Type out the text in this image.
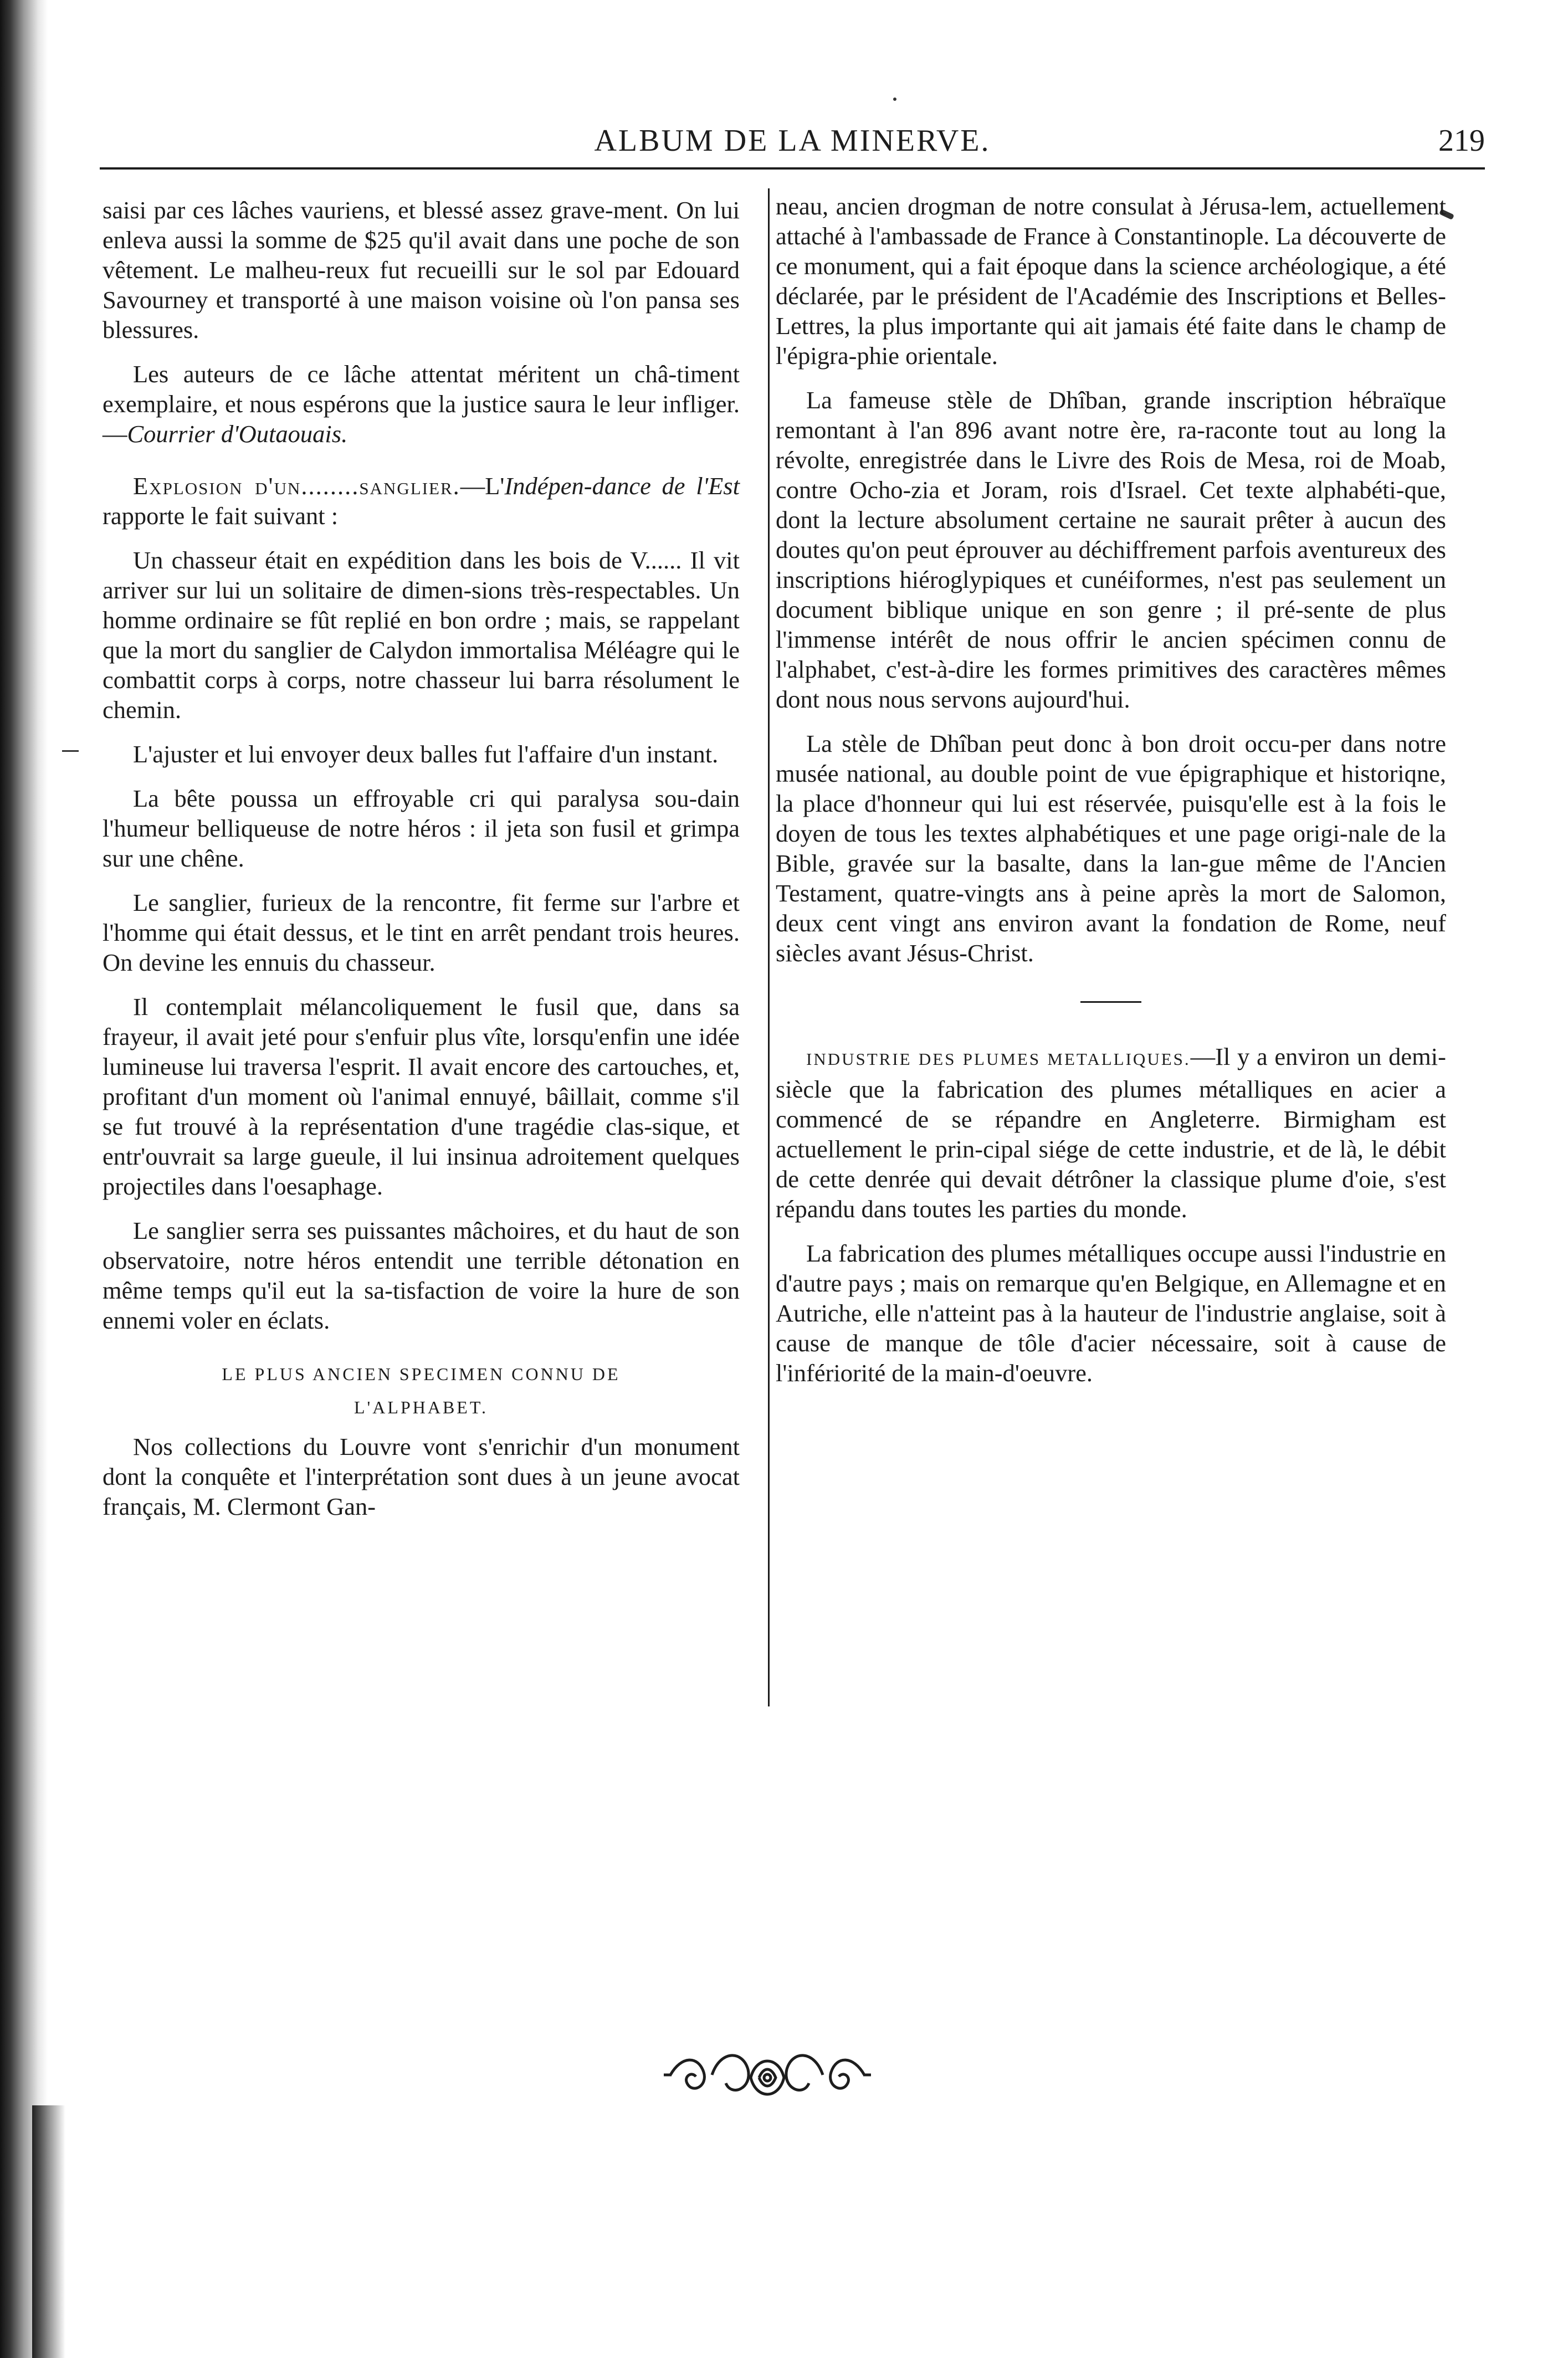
ALBUM DE LA MINERVE.	219

saisi par ces lâches vauriens, et blessé assez grave-ment. On lui enleva aussi la somme de $25 qu'il avait dans une poche de son vêtement. Le malheu-reux fut recueilli sur le sol par Edouard Savourney et transporté à une maison voisine où l'on pansa ses blessures.

Les auteurs de ce lâche attentat méritent un châ-timent exemplaire, et nous espérons que la justice saura le leur infliger.—Courrier d'Outaouais.

Explosion d'un........sanglier.—L'Indépen-dance de l'Est rapporte le fait suivant :

Un chasseur était en expédition dans les bois de V...... Il vit arriver sur lui un solitaire de dimen-sions très-respectables. Un homme ordinaire se fût replié en bon ordre ; mais, se rappelant que la mort du sanglier de Calydon immortalisa Méléagre qui le combattit corps à corps, notre chasseur lui barra résolument le chemin.

L'ajuster et lui envoyer deux balles fut l'affaire d'un instant.

La bête poussa un effroyable cri qui paralysa sou-dain l'humeur belliqueuse de notre héros : il jeta son fusil et grimpa sur une chêne.

Le sanglier, furieux de la rencontre, fit ferme sur l'arbre et l'homme qui était dessus, et le tint en arrêt pendant trois heures. On devine les ennuis du chasseur.

Il contemplait mélancoliquement le fusil que, dans sa frayeur, il avait jeté pour s'enfuir plus vîte, lorsqu'enfin une idée lumineuse lui traversa l'esprit. Il avait encore des cartouches, et, profitant d'un moment où l'animal ennuyé, bâillait, comme s'il se fut trouvé à la représentation d'une tragédie clas-sique, et entr'ouvrait sa large gueule, il lui insinua adroitement quelques projectiles dans l'oesaphage.

Le sanglier serra ses puissantes mâchoires, et du haut de son observatoire, notre héros entendit une terrible détonation en même temps qu'il eut la sa-tisfaction de voire la hure de son ennemi voler en éclats.

LE PLUS ANCIEN SPECIMEN CONNU DE
L'ALPHABET.

Nos collections du Louvre vont s'enrichir d'un monument dont la conquête et l'interprétation sont dues à un jeune avocat français, M. Clermont Gan-

neau, ancien drogman de notre consulat à Jérusa-lem, actuellement attaché à l'ambassade de France à Constantinople. La découverte de ce monument, qui a fait époque dans la science archéologique, a été déclarée, par le président de l'Académie des Inscriptions et Belles-Lettres, la plus importante qui ait jamais été faite dans le champ de l'épigra-phie orientale.

La fameuse stèle de Dhîban, grande inscription hébraïque remontant à l'an 896 avant notre ère, ra-raconte tout au long la révolte, enregistrée dans le Livre des Rois de Mesa, roi de Moab, contre Ocho-zia et Joram, rois d'Israel. Cet texte alphabéti-que, dont la lecture absolument certaine ne saurait prêter à aucun des doutes qu'on peut éprouver au déchiffrement parfois aventureux des inscriptions hiéroglypiques et cunéiformes, n'est pas seulement un document biblique unique en son genre ; il pré-sente de plus l'immense intérêt de nous offrir le ancien spécimen connu de l'alphabet, c'est-à-dire les formes primitives des caractères mêmes dont nous nous servons aujourd'hui.

La stèle de Dhîban peut donc à bon droit occu-per dans notre musée national, au double point de vue épigraphique et historiqne, la place d'honneur qui lui est réservée, puisqu'elle est à la fois le doyen de tous les textes alphabétiques et une page origi-nale de la Bible, gravée sur la basalte, dans la lan-gue même de l'Ancien Testament, quatre-vingts ans à peine après la mort de Salomon, deux cent vingt ans environ avant la fondation de Rome, neuf siècles avant Jésus-Christ.

INDUSTRIE DES PLUMES METALLIQUES.—Il y a environ un demi-siècle que la fabrication des plumes métalliques en acier a commencé de se répandre en Angleterre. Birmigham est actuellement le prin-cipal siége de cette industrie, et de là, le débit de cette denrée qui devait détrôner la classique plume d'oie, s'est répandu dans toutes les parties du monde.

La fabrication des plumes métalliques occupe aussi l'industrie en d'autre pays ; mais on remarque qu'en Belgique, en Allemagne et en Autriche, elle n'atteint pas à la hauteur de l'industrie anglaise, soit à cause de manque de tôle d'acier nécessaire, soit à cause de l'infériorité de la main-d'oeuvre.
